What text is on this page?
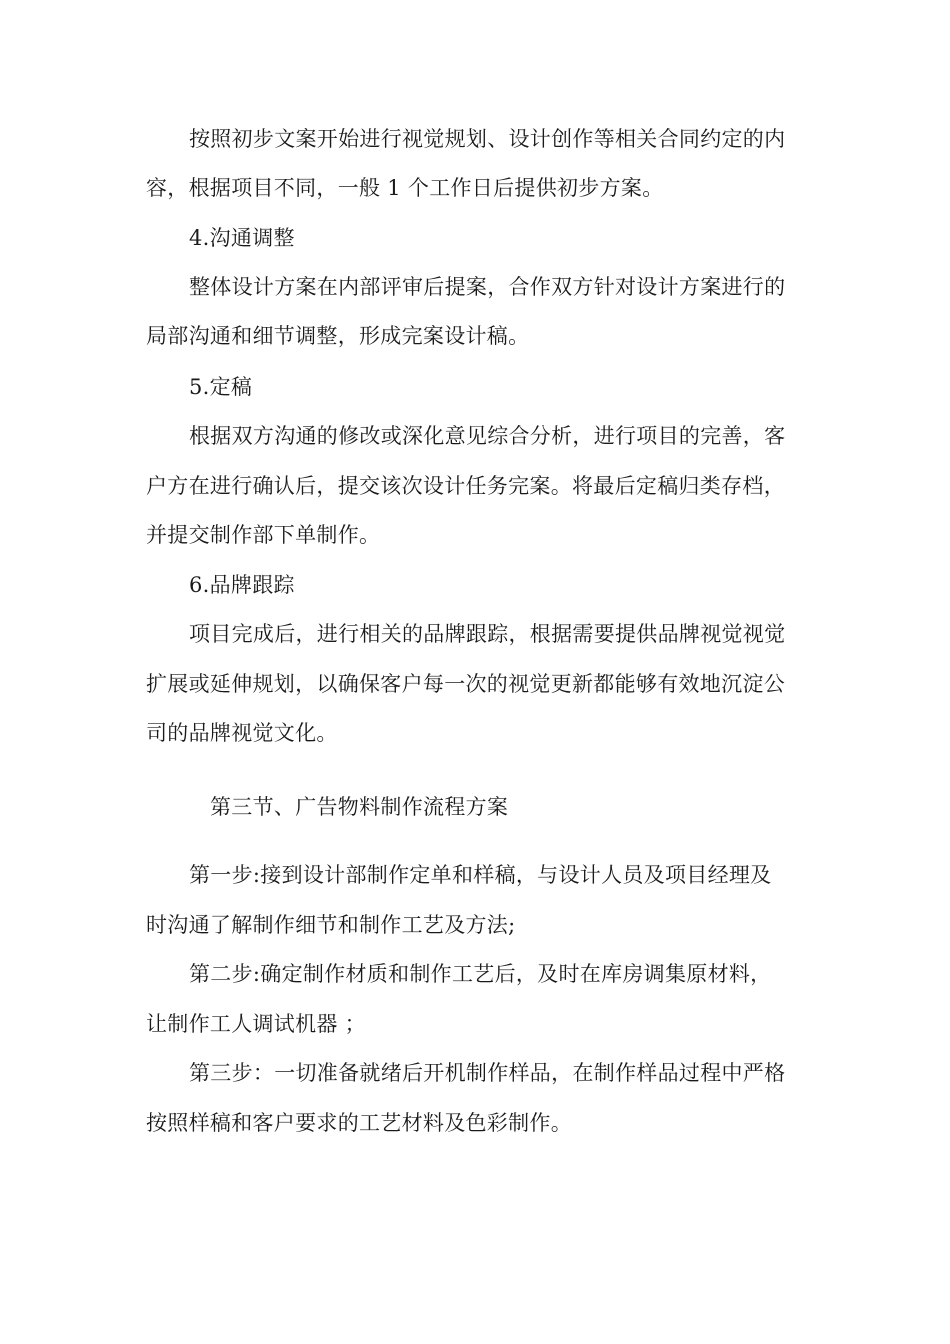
按照初步文案开始进行视觉规划、设计创作等相关合同约定的内
容，根据项目不同，一般 1 个工作日后提供初步方案。
4.沟通调整
整体设计方案在内部评审后提案，合作双方针对设计方案进行的
局部沟通和细节调整，形成完案设计稿。
5.定稿
根据双方沟通的修改或深化意见综合分析，进行项目的完善，客
户方在进行确认后，提交该次设计任务完案。将最后定稿归类存档，
并提交制作部下单制作。
6.品牌跟踪
项目完成后，进行相关的品牌跟踪，根据需要提供品牌视觉视觉
扩展或延伸规划，以确保客户每一次的视觉更新都能够有效地沉淀公
司的品牌视觉文化。
第三节、广告物料制作流程方案
第一步:接到设计部制作定单和样稿，与设计人员及项目经理及
时沟通了解制作细节和制作工艺及方法;
第二步:确定制作材质和制作工艺后，及时在库房调集原材料，
让制作工人调试机器 ；
第三步：一切准备就绪后开机制作样品，在制作样品过程中严格
按照样稿和客户要求的工艺材料及色彩制作。
